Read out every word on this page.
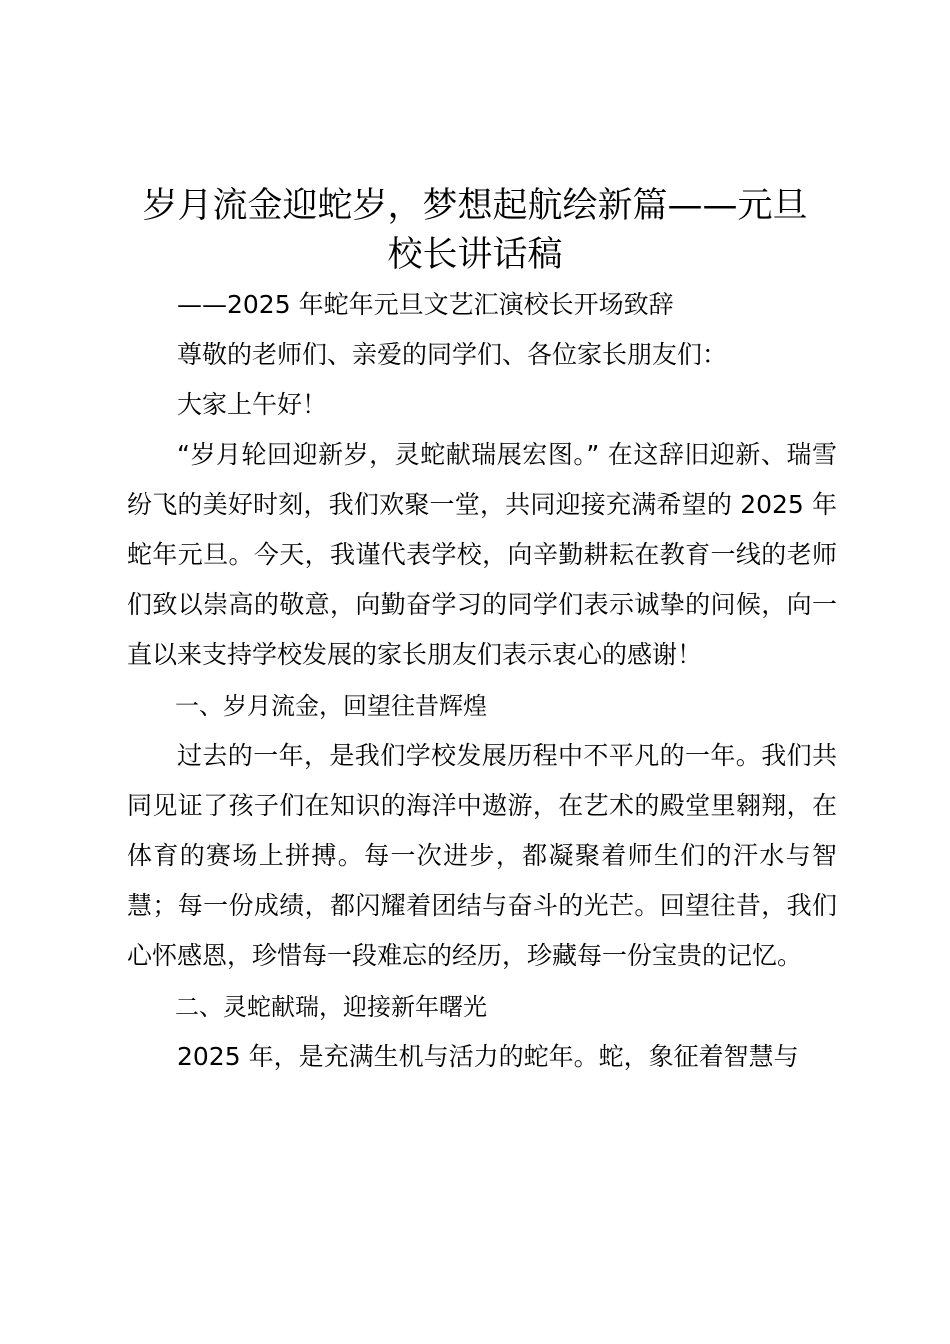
岁月流金迎蛇岁，梦想起航绘新篇——元旦
校长讲话稿

——2025 年蛇年元旦文艺汇演校长开场致辞

尊敬的老师们、亲爱的同学们、各位家长朋友们：

大家上午好！

“岁月轮回迎新岁，灵蛇献瑞展宏图。” 在这辞旧迎新、瑞雪纷飞的美好时刻，我们欢聚一堂，共同迎接充满希望的 2025 年蛇年元旦。今天，我谨代表学校，向辛勤耕耘在教育一线的老师们致以崇高的敬意，向勤奋学习的同学们表示诚挚的问候，向一直以来支持学校发展的家长朋友们表示衷心的感谢！

一、岁月流金，回望往昔辉煌

过去的一年，是我们学校发展历程中不平凡的一年。我们共同见证了孩子们在知识的海洋中遨游，在艺术的殿堂里翱翔，在体育的赛场上拼搏。每一次进步，都凝聚着师生们的汗水与智慧；每一份成绩，都闪耀着团结与奋斗的光芒。回望往昔，我们心怀感恩，珍惜每一段难忘的经历，珍藏每一份宝贵的记忆。

二、灵蛇献瑞，迎接新年曙光

2025 年，是充满生机与活力的蛇年。蛇，象征着智慧与
